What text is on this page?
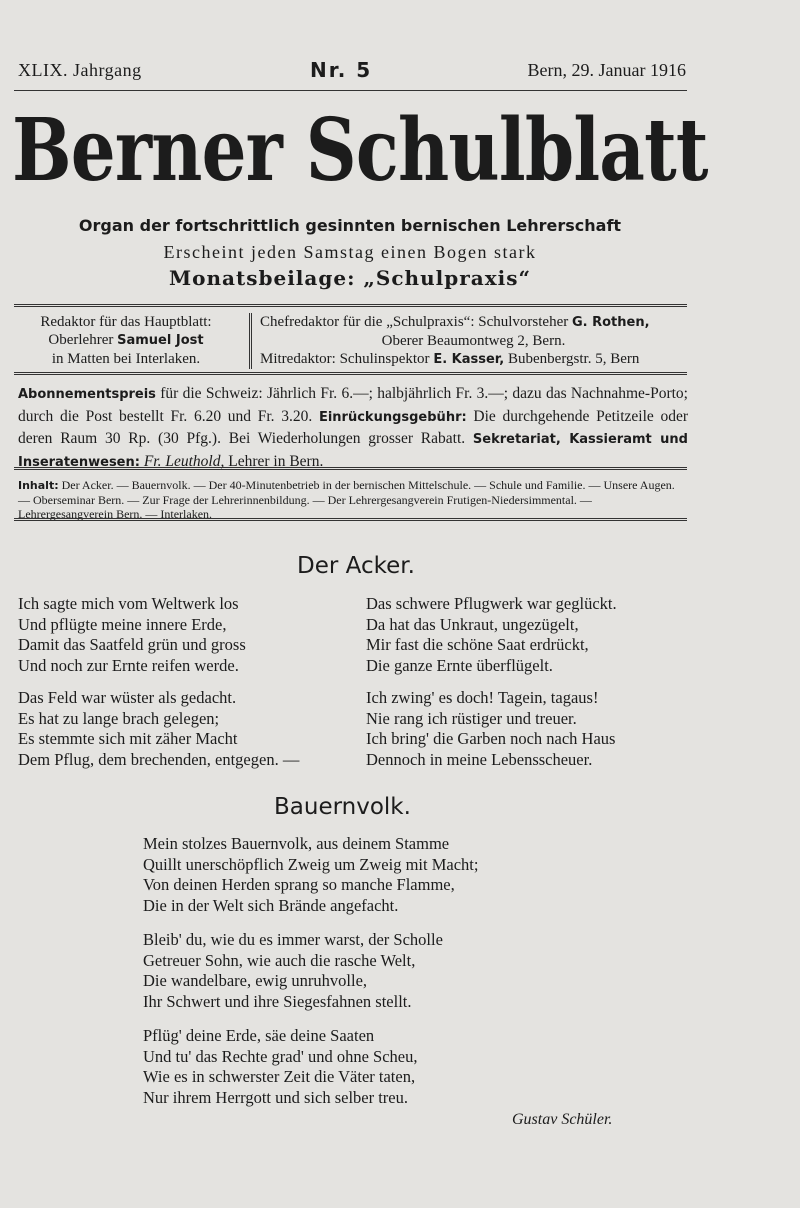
XLIX. Jahrgang	Nr. 5	Bern, 29. Januar 1916
Berner Schulblatt
Organ der fortschrittlich gesinnten bernischen Lehrerschaft
Erscheint jeden Samstag einen Bogen stark
Monatsbeilage: „Schulpraxis“
Redaktor für das Hauptblatt:
Oberlehrer Samuel Jost
in Matten bei Interlaken.
Chefredaktor für die „Schulpraxis“: Schulvorsteher G. Rothen,
Oberer Beaumontweg 2, Bern.
Mitredaktor: Schulinspektor E. Kasser, Bubenbergstr. 5, Bern
Abonnementspreis für die Schweiz: Jährlich Fr. 6.—; halbjährlich Fr. 3.—; dazu das Nachnahme-Porto; durch die Post bestellt Fr. 6.20 und Fr. 3.20. Einrückungsgebühr: Die durchgehende Petitzeile oder deren Raum 30 Rp. (30 Pfg.). Bei Wiederholungen grosser Rabatt. Sekretariat, Kassieramt und Inseratenwesen: Fr. Leuthold, Lehrer in Bern.
Inhalt: Der Acker. — Bauernvolk. — Der 40-Minutenbetrieb in der bernischen Mittelschule. — Schule und Familie. — Unsere Augen. — Oberseminar Bern. — Zur Frage der Lehrerinnenbildung. — Der Lehrergesangverein Frutigen-Niedersimmental. — Lehrergesangverein Bern. — Interlaken.
Der Acker.
Ich sagte mich vom Weltwerk los
Und pflügte meine innere Erde,
Damit das Saatfeld grün und gross
Und noch zur Ernte reifen werde.
Das Feld war wüster als gedacht.
Es hat zu lange brach gelegen;
Es stemmte sich mit zäher Macht
Dem Pflug, dem brechenden, entgegen. —
Das schwere Pflugwerk war geglückt.
Da hat das Unkraut, ungezügelt,
Mir fast die schöne Saat erdrückt,
Die ganze Ernte überflügelt.
Ich zwing' es doch! Tagein, tagaus!
Nie rang ich rüstiger und treuer.
Ich bring' die Garben noch nach Haus
Dennoch in meine Lebensscheuer.
Bauernvolk.
Mein stolzes Bauernvolk, aus deinem Stamme
Quillt unerschöpflich Zweig um Zweig mit Macht;
Von deinen Herden sprang so manche Flamme,
Die in der Welt sich Brände angefacht.
Bleib' du, wie du es immer warst, der Scholle
Getreuer Sohn, wie auch die rasche Welt,
Die wandelbare, ewig unruhvolle,
Ihr Schwert und ihre Siegesfahnen stellt.
Pflüg' deine Erde, säe deine Saaten
Und tu' das Rechte grad' und ohne Scheu,
Wie es in schwerster Zeit die Väter taten,
Nur ihrem Herrgott und sich selber treu.
Gustav Schüler.
